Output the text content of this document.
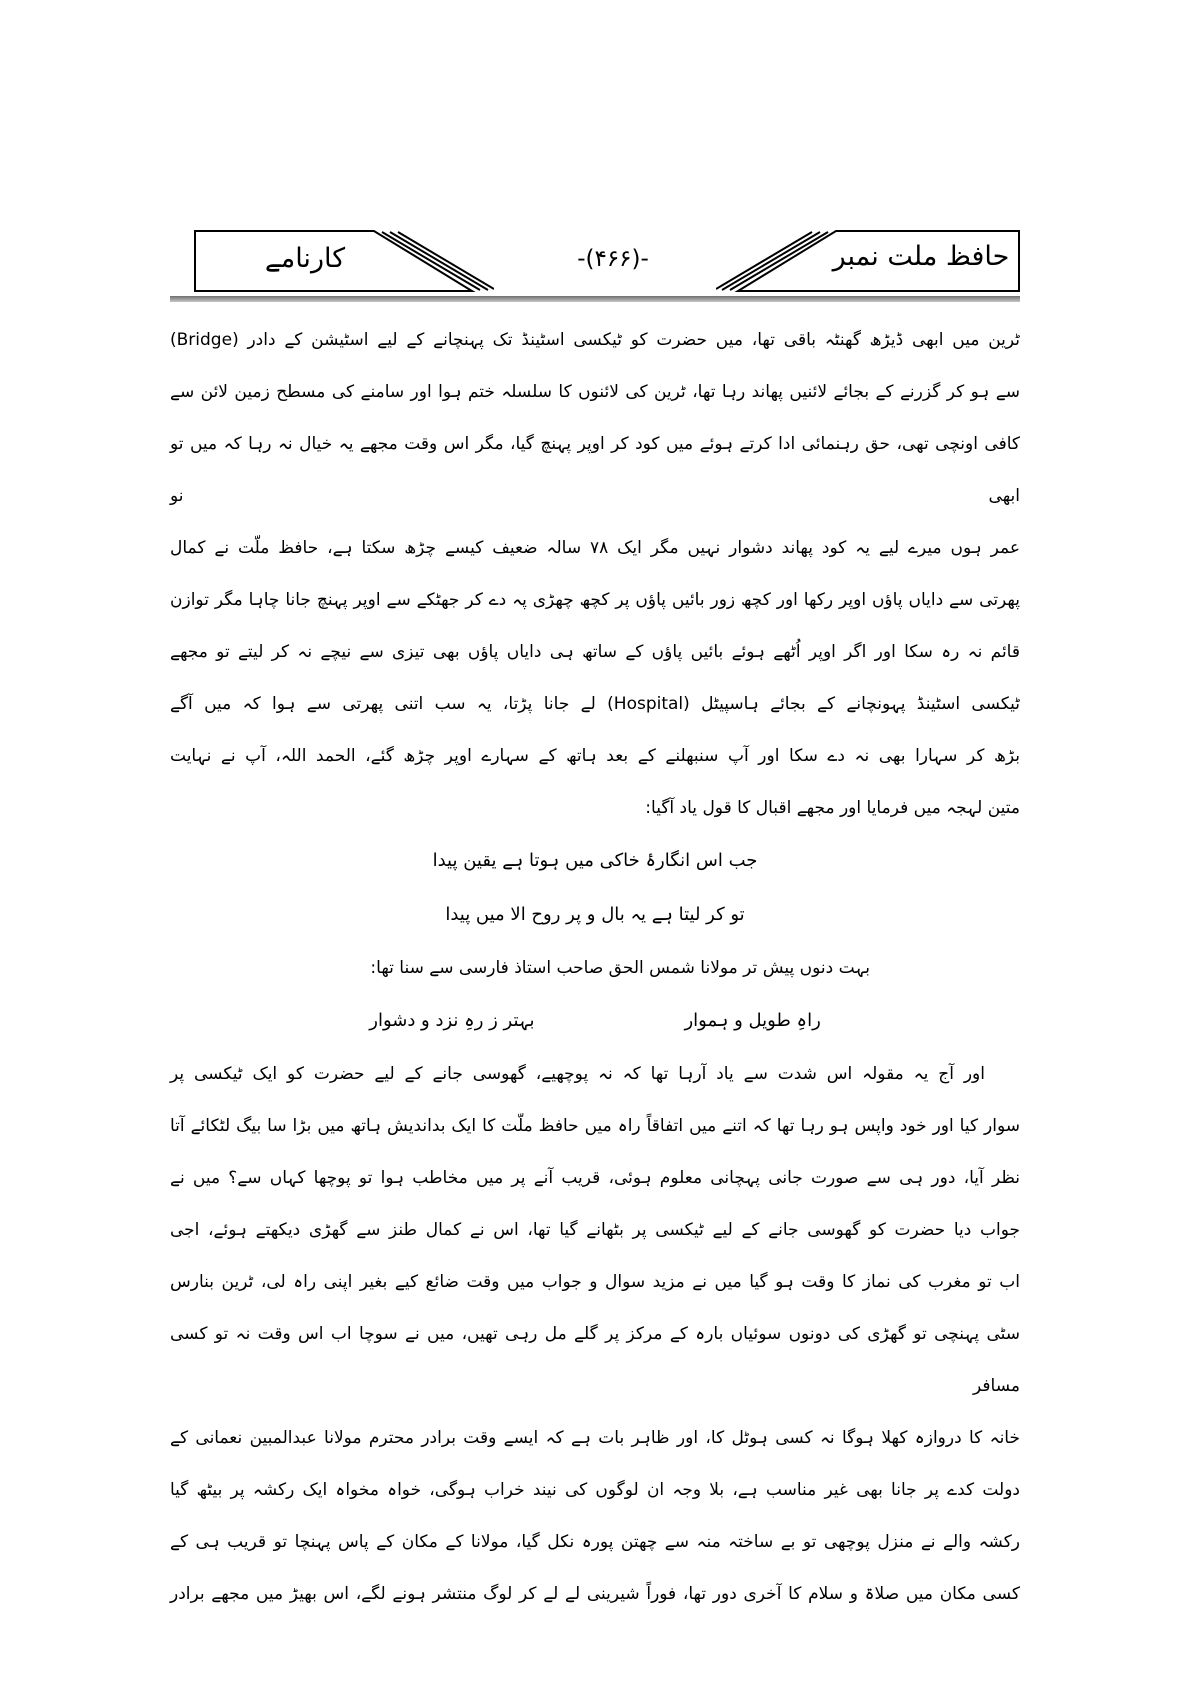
کارنامے	-(۴۶۶)-	حافظ ملت نمبر

ٹرین میں ابھی ڈیڑھ گھنٹہ باقی تھا، میں حضرت کو ٹیکسی اسٹینڈ تک پہنچانے کے لیے اسٹیشن کے دادر (Bridge)

سے ہو کر گزرنے کے بجائے لائنیں پھاند رہا تھا، ٹرین کی لائنوں کا سلسلہ ختم ہوا اور سامنے کی مسطح زمین لائن سے

کافی اونچی تھی، حق رہنمائی ادا کرتے ہوئے میں کود کر اوپر پہنچ گیا، مگر اس وقت مجھے یہ خیال نہ رہا کہ میں تو ابھی نو

عمر ہوں میرے لیے یہ کود پھاند دشوار نہیں مگر ایک ۷۸ سالہ ضعیف کیسے چڑھ سکتا ہے، حافظ ملّت نے کمال

پھرتی سے دایاں پاؤں اوپر رکھا اور کچھ زور بائیں پاؤں پر کچھ چھڑی پہ دے کر جھٹکے سے اوپر پہنچ جانا چاہا مگر توازن

قائم نہ رہ سکا اور اگر اوپر اُٹھے ہوئے بائیں پاؤں کے ساتھ ہی دایاں پاؤں بھی تیزی سے نیچے نہ کر لیتے تو مجھے

ٹیکسی اسٹینڈ پہونچانے کے بجائے ہاسپیٹل (Hospital) لے جانا پڑتا، یہ سب اتنی پھرتی سے ہوا کہ میں آگے

بڑھ کر سہارا بھی نہ دے سکا اور آپ سنبھلنے کے بعد ہاتھ کے سہارے اوپر چڑھ گئے، الحمد اللہ، آپ نے نہایت

متین لہجہ میں فرمایا اور مجھے اقبال کا قول یاد آگیا:

جب اس انگارۂ خاکی میں ہوتا ہے یقین پیدا

تو کر لیتا ہے یہ بال و پر روح الا میں پیدا

بہت دنوں پیش تر مولانا شمس الحق صاحب استاذ فارسی سے سنا تھا:

راہِ طویل و ہموار
بہتر ز رہِ نزد و دشوار

اور آج یہ مقولہ اس شدت سے یاد آرہا تھا کہ نہ پوچھیے، گھوسی جانے کے لیے حضرت کو ایک ٹیکسی پر

سوار کیا اور خود واپس ہو رہا تھا کہ اتنے میں اتفاقاً راہ میں حافظ ملّت کا ایک بداندیش ہاتھ میں بڑا سا بیگ لٹکائے آتا

نظر آیا، دور ہی سے صورت جانی پہچانی معلوم ہوئی، قریب آنے پر میں مخاطب ہوا تو پوچھا کہاں سے؟ میں نے

جواب دیا حضرت کو گھوسی جانے کے لیے ٹیکسی پر بٹھانے گیا تھا، اس نے کمال طنز سے گھڑی دیکھتے ہوئے، اجی

اب تو مغرب کی نماز کا وقت ہو گیا میں نے مزید سوال و جواب میں وقت ضائع کیے بغیر اپنی راہ لی، ٹرین بنارس

سٹی پہنچی تو گھڑی کی دونوں سوئیاں بارہ کے مرکز پر گلے مل رہی تھیں، میں نے سوچا اب اس وقت نہ تو کسی مسافر

خانہ کا دروازہ کھلا ہوگا نہ کسی ہوٹل کا، اور ظاہر بات ہے کہ ایسے وقت برادر محترم مولانا عبدالمبین نعمانی کے

دولت کدے پر جانا بھی غیر مناسب ہے، بلا وجہ ان لوگوں کی نیند خراب ہوگی، خواہ مخواہ ایک رکشہ پر بیٹھ گیا

رکشہ والے نے منزل پوچھی تو بے ساختہ منہ سے چھتن پورہ نکل گیا، مولانا کے مکان کے پاس پہنچا تو قریب ہی کے

کسی مکان میں صلاۃ و سلام کا آخری دور تھا، فوراً شیرینی لے لے کر لوگ منتشر ہونے لگے، اس بھیڑ میں مجھے برادر
